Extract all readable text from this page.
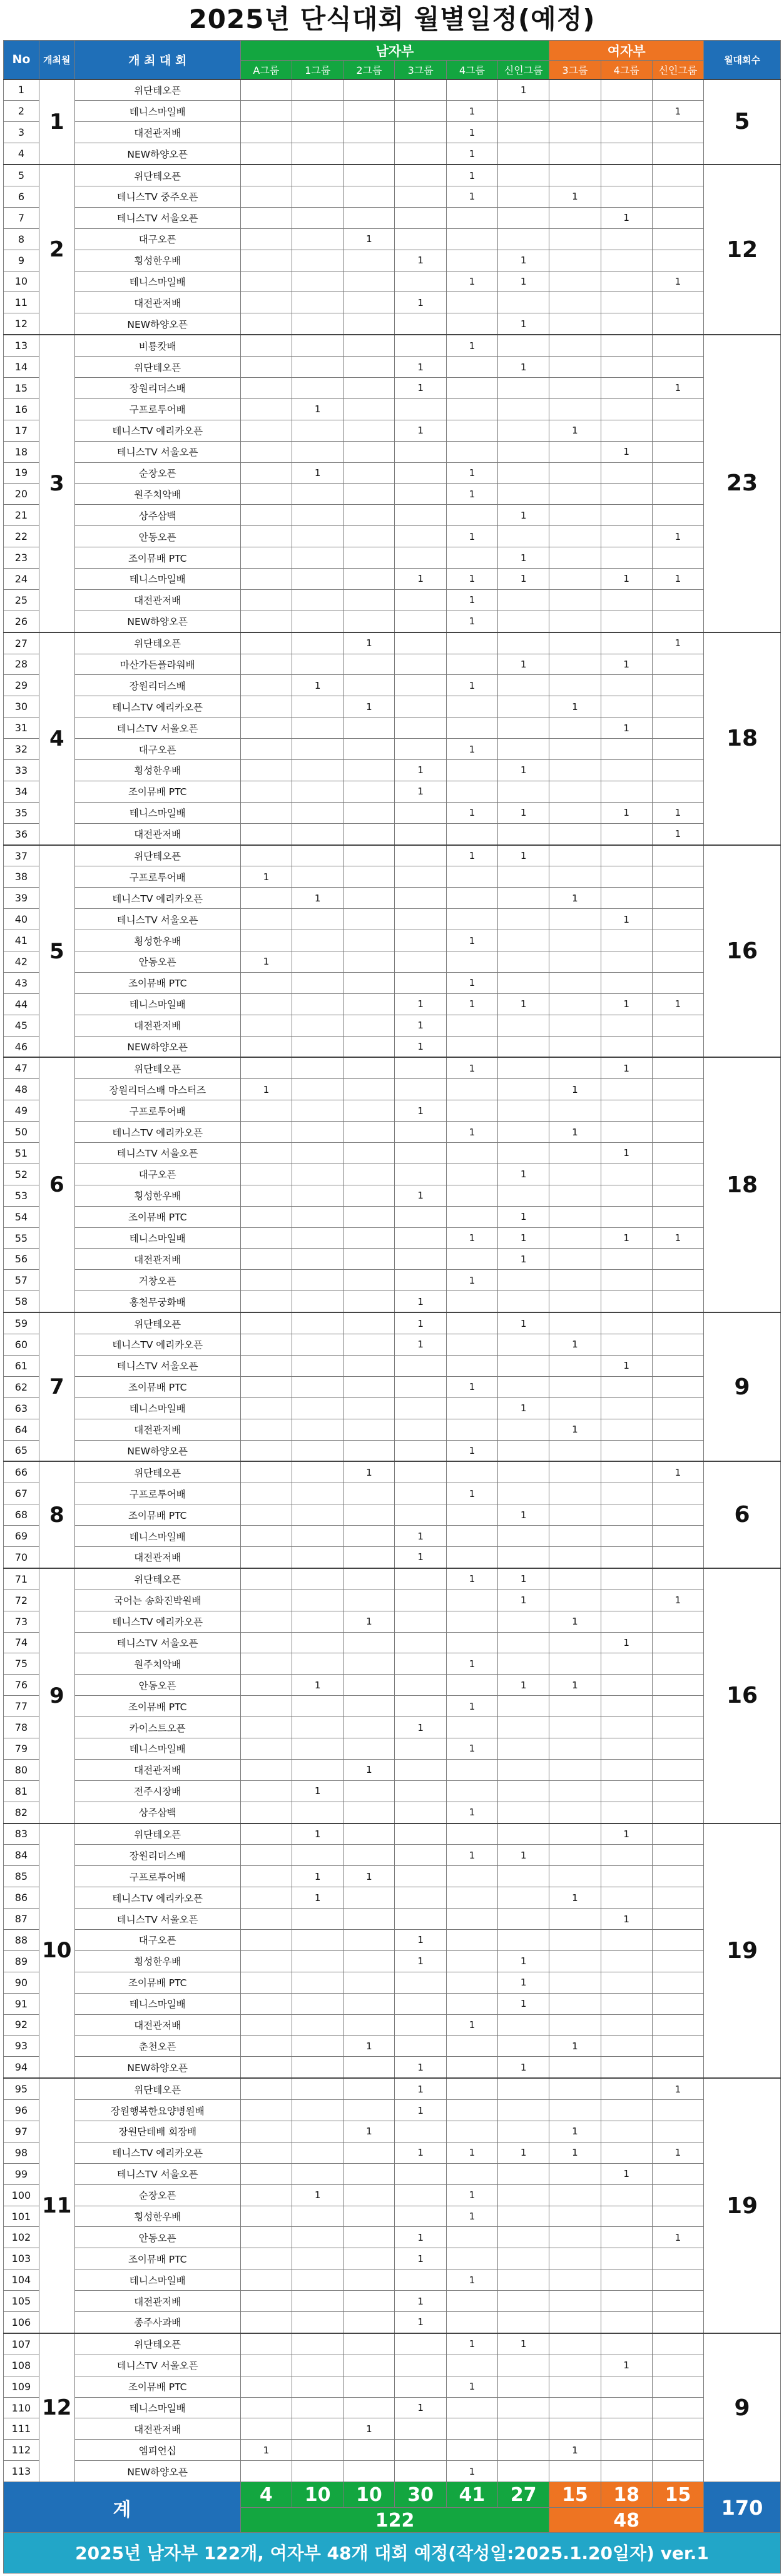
2025년 단식대회 월별일정(예정)
No	개최월	개 최 대 회	남자부						여자부			월대회수
			A그룹	1그룹	2그룹	3그룹	4그룹	신인그룹	3그룹	4그룹	신인그룹	
1	1	위단테오픈						1				5
2		테니스마일배					1				1	
3		대전관저배					1					
4		NEW하양오픈					1					
5	2	위단테오픈					1					12
6		테니스TV 중주오픈					1		1			
7		테니스TV 서울오픈								1		
8		대구오픈			1							
9		횡성한우배				1		1				
10		테니스마일배					1	1			1	
11		대전관저배				1						
12		NEW하양오픈						1				
13	3	비룡캇배					1					23
14		위단테오픈				1		1				
15		장원리더스배				1					1	
16		구프로투어배		1								
17		테니스TV 에리카오픈				1			1			
18		테니스TV 서울오픈								1		
19		순장오픈		1			1					
20		원주치악배					1					
21		상주삼백						1				
22		안동오픈					1				1	
23		조이뮤배 PTC						1				
24		테니스마일배				1	1	1		1	1	
25		대전관저배					1					
26		NEW하양오픈					1					
27	4	위단테오픈			1						1	18
28		마산가든플라워배						1		1		
29		장원리더스배		1			1					
30		테니스TV 에리카오픈			1				1			
31		테니스TV 서울오픈								1		
32		대구오픈					1					
33		횡성한우배				1		1				
34		조이뮤배 PTC				1						
35		테니스마일배					1	1		1	1	
36		대전관저배									1	
37	5	위단테오픈					1	1				16
38		구프로투어배	1									
39		테니스TV 에리카오픈		1					1			
40		테니스TV 서울오픈								1		
41		횡성한우배					1					
42		안동오픈	1									
43		조이뮤배 PTC					1					
44		테니스마일배				1	1	1		1	1	
45		대전관저배				1						
46		NEW하양오픈				1						
47	6	위단테오픈					1			1		18
48		장원리더스배 마스터즈	1						1			
49		구프로투어배				1						
50		테니스TV 에리카오픈					1		1			
51		테니스TV 서울오픈								1		
52		대구오픈						1				
53		횡성한우배				1						
54		조이뮤배 PTC						1				
55		테니스마일배					1	1		1	1	
56		대전관저배						1				
57		거창오픈					1					
58		홍천무궁화배				1						
59	7	위단테오픈				1		1				9
60		테니스TV 에리카오픈				1			1			
61		테니스TV 서울오픈								1		
62		조이뮤배 PTC					1					
63		테니스마일배						1				
64		대전관저배							1			
65		NEW하양오픈					1					
66	8	위단테오픈			1						1	6
67		구프로투어배					1					
68		조이뮤배 PTC						1				
69		테니스마일배				1						
70		대전관저배				1						
71	9	위단테오픈					1	1				16
72		국어는 송화진박원배						1			1	
73		테니스TV 에리카오픈			1				1			
74		테니스TV 서울오픈								1		
75		원주치악배					1					
76		안동오픈		1				1	1			
77		조이뮤배 PTC					1					
78		카이스트오픈				1						
79		테니스마일배					1					
80		대전관저배			1							
81		전주시장배		1								
82		상주삼백					1					
83	10	위단테오픈		1						1		19
84		장원리더스배					1	1				
85		구프로투어배		1	1							
86		테니스TV 에리카오픈		1					1			
87		테니스TV 서울오픈								1		
88		대구오픈				1						
89		횡성한우배				1		1				
90		조이뮤배 PTC						1				
91		테니스마일배						1				
92		대전관저배					1					
93		춘천오픈			1				1			
94		NEW하양오픈				1		1				
95	11	위단테오픈				1					1	19
96		장원행복한요양병원배				1						
97		장원단테배 회장배			1				1			
98		테니스TV 에리카오픈				1	1	1	1		1	
99		테니스TV 서울오픈								1		
100		순장오픈		1			1					
101		횡성한우배					1					
102		안동오픈				1					1	
103		조이뮤배 PTC				1						
104		테니스마일배					1					
105		대전관저배				1						
106		종주사과배				1						
107	12	위단테오픈					1	1				9
108		테니스TV 서울오픈								1		
109		조이뮤배 PTC					1					
110		테니스마일배				1						
111		대전관저배			1							
112		엠피언십	1						1			
113		NEW하양오픈					1					
계			4	10	10	30	41	27	15	18	15	170
			122						48			
2025년 남자부 122개, 여자부 48개 대회 예정(작성일:2025.1.20일자) ver.1
